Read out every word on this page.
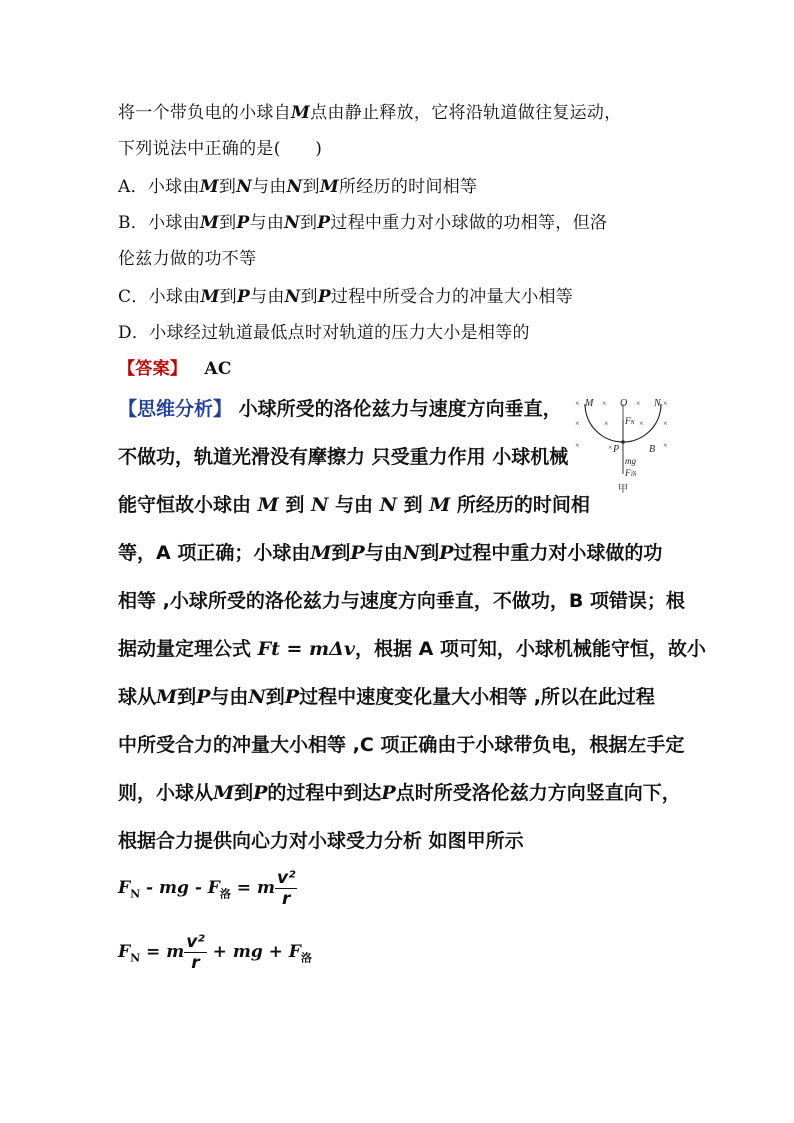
将一个带负电的小球自M点由静止释放，它将沿轨道做往复运动，
下列说法中正确的是(　　)
A．小球由M到N与由N到M所经历的时间相等
B．小球由M到P与由N到P过程中重力对小球做的功相等，但洛
伦兹力做的功不等
C．小球由M到P与由N到P过程中所受合力的冲量大小相等
D．小球经过轨道最低点时对轨道的压力大小是相等的
【答案】 AC
【思维分析】 小球所受的洛伦兹力与速度方向垂直，
不做功，轨道光滑没有摩擦力 只受重力作用 小球机械
能守恒故小球由 M 到 N 与由 N 到 M 所经历的时间相
等，A 项正确；小球由M到P与由N到P过程中重力对小球做的功
相等 ,小球所受的洛伦兹力与速度方向垂直，不做功，B 项错误；根
据动量定理公式 Ft = mΔv，根据 A 项可知，小球机械能守恒，故小
球从M到P与由N到P过程中速度变化量大小相等 ,所以在此过程
中所受合力的冲量大小相等 ,C 项正确由于小球带负电，根据左手定
则，小球从M到P的过程中到达P点时所受洛伦兹力方向竖直向下，
根据合力提供向心力对小球受力分析 如图甲所示
$F_N$ - mg - $F_洛 = m \frac{\text{v²}}{r}$
$F_N = m \frac{\text{v²}}{r}$ + mg + $F_洛$
×	×	×	×
×	×	× ×
×	×	×
M	O	N
P	B
FN
mg
F洛
甲
